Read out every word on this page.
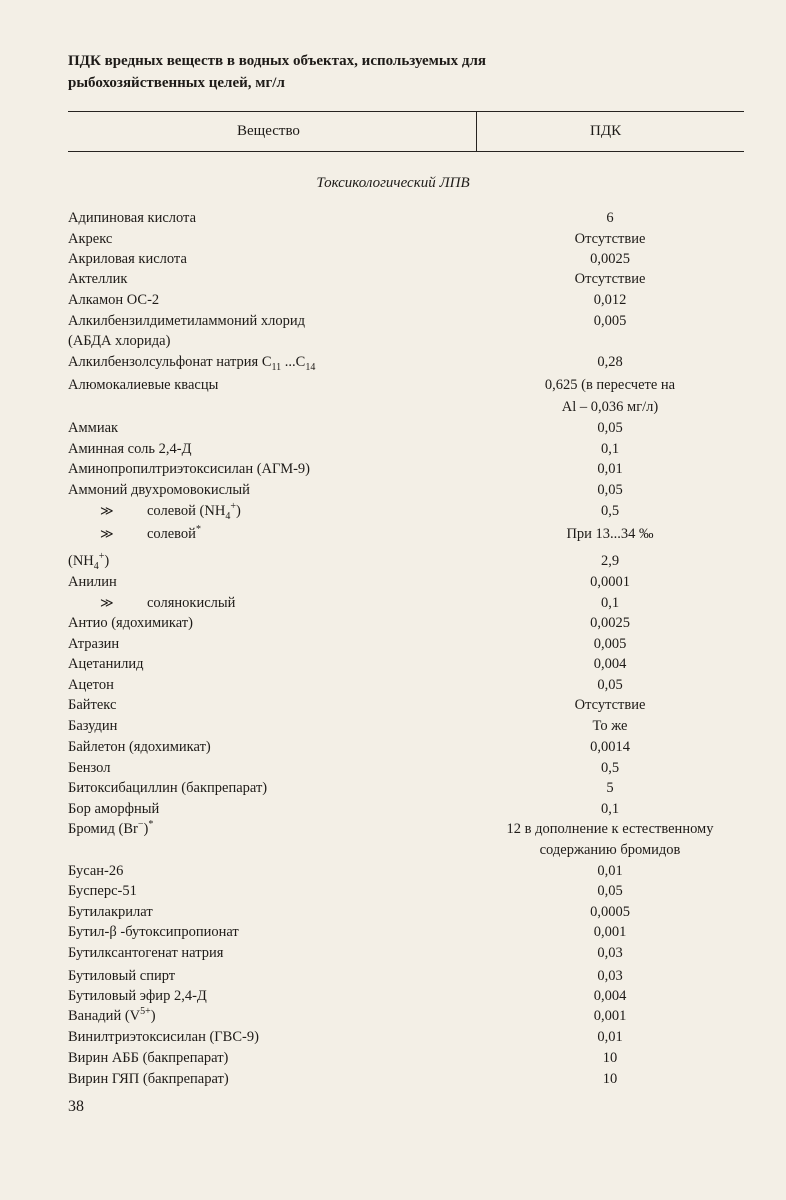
ПДК вредных веществ в водных объектах, используемых для рыбохозяйственных целей, мг/л
Вещество	ПДК
Токсикологический ЛПВ
Адипиновая кислота	6
Акрекс	Отсутствие
Акриловая кислота	0,0025
Актеллик	Отсутствие
Алкамон ОС-2	0,012
Алкилбензилдиметиламмоний хлорид	0,005
(АБДА хлорида)
Алкилбензолсульфонат натрия $C_{11}$ $...C_{14}$	0,28
Алюмокалиевые квасцы	0,625 (в пересчете на
Al – 0,036 мг/л)
Аммиак	0,05
Аминная соль 2,4-Д	0,1
Аминопропилтриэтоксисилан (АГМ-9)	0,01
Аммоний двухромовокислый	0,05
≫ солевой $(NH_4^+)$	0,5
≫ солевой*	При 13...34 ‰
$(NH_4^+)$	2,9
Анилин	0,0001
≫ солянокислый	0,1
Антио (ядохимикат)	0,0025
Атразин	0,005
Ацетанилид	0,004
Ацетон	0,05
Байтекс	Отсутствие
Базудин	То же
Байлетон (ядохимикат)	0,0014
Бензол	0,5
Битоксибациллин (бакпрепарат)	5
Бор аморфный	0,1
Бромид (Br−)*	12 в дополнение к естественному
содержанию бромидов
Бусан-26	0,01
Бусперс-51	0,05
Бутилакрилат	0,0005
Бутил-β -бутоксипропионат	0,001
Бутилксантогенат натрия	0,03
Бутиловый спирт	0,03
Бутиловый эфир 2,4-Д	0,004
Ванадий $(V^{5+})$	0,001
Винилтриэтоксисилан (ГВС-9)	0,01
Вирин АББ (бакпрепарат)	10
Вирин ГЯП (бакпрепарат)	10
38
